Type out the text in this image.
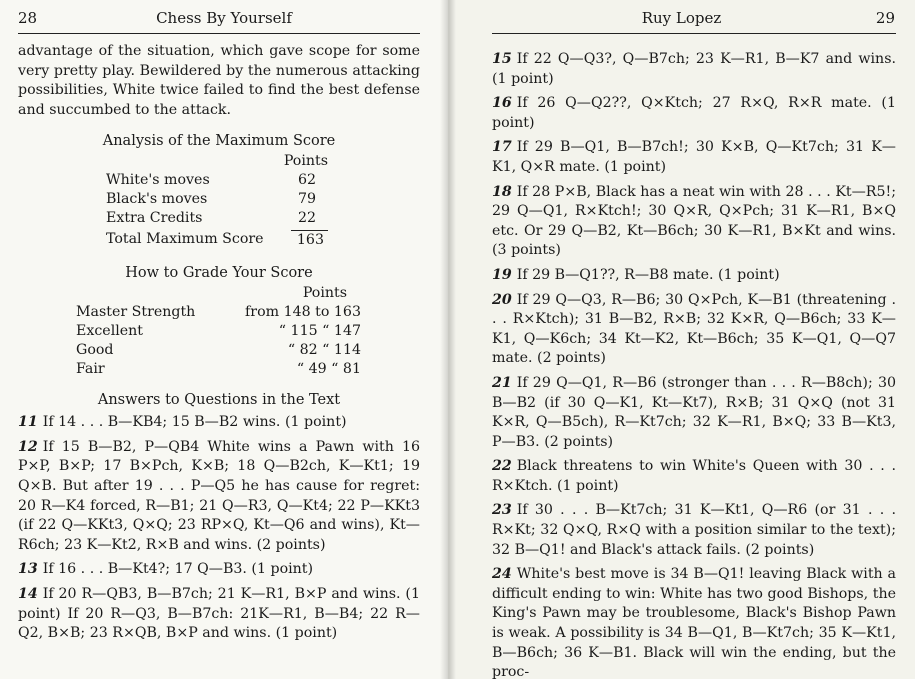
28	Chess By Yourself

advantage of the situation, which gave scope for some very pretty play. Bewildered by the numerous attacking possibilities, White twice failed to find the best defense and succumbed to the attack.

Analysis of the Maximum Score
	Points
White's moves	62
Black's moves	79
Extra Credits	22
Total Maximum Score	163
How to Grade Your Score
	Points
Master Strength	from 148 to 163
Excellent	“ 115 “ 147
Good	“ 82 “ 114
Fair	“ 49 “ 81
Answers to Questions in the Text

11 If 14 . . . B—KB4; 15 B—B2 wins. (1 point)

12 If 15 B—B2, P—QB4 White wins a Pawn with 16 P×P, B×P; 17 B×Pch, K×B; 18 Q—B2ch, K—Kt1; 19 Q×B. But after 19 . . . P—Q5 he has cause for regret: 20 R—K4 forced, R—B1; 21 Q—R3, Q—Kt4; 22 P—KKt3 (if 22 Q—KKt3, Q×Q; 23 RP×Q, Kt—Q6 and wins), Kt—R6ch; 23 K—Kt2, R×B and wins. (2 points)

13 If 16 . . . B—Kt4?; 17 Q—B3. (1 point)

14 If 20 R—QB3, B—B7ch; 21 K—R1, B×P and wins. (1 point) If 20 R—Q3, B—B7ch: 21K—R1, B—B4; 22 R—Q2, B×B; 23 R×QB, B×P and wins. (1 point)

Ruy Lopez	29

15 If 22 Q—Q3?, Q—B7ch; 23 K—R1, B—K7 and wins. (1 point)

16 If 26 Q—Q2??, Q×Ktch; 27 R×Q, R×R mate. (1 point)

17 If 29 B—Q1, B—B7ch!; 30 K×B, Q—Kt7ch; 31 K—K1, Q×R mate. (1 point)

18 If 28 P×B, Black has a neat win with 28 . . . Kt—R5!; 29 Q—Q1, R×Ktch!; 30 Q×R, Q×Pch; 31 K—R1, B×Q etc. Or 29 Q—B2, Kt—B6ch; 30 K—R1, B×Kt and wins. (3 points)

19 If 29 B—Q1??, R—B8 mate. (1 point)

20 If 29 Q—Q3, R—B6; 30 Q×Pch, K—B1 (threatening . . . R×Ktch); 31 B—B2, R×B; 32 K×R, Q—B6ch; 33 K—K1, Q—K6ch; 34 Kt—K2, Kt—B6ch; 35 K—Q1, Q—Q7 mate. (2 points)

21 If 29 Q—Q1, R—B6 (stronger than . . . R—B8ch); 30 B—B2 (if 30 Q—K1, Kt—Kt7), R×B; 31 Q×Q (not 31 K×R, Q—B5ch), R—Kt7ch; 32 K—R1, B×Q; 33 B—Kt3, P—B3. (2 points)

22 Black threatens to win White's Queen with 30 . . . R×Ktch. (1 point)

23 If 30 . . . B—Kt7ch; 31 K—Kt1, Q—R6 (or 31 . . . R×Kt; 32 Q×Q, R×Q with a position similar to the text); 32 B—Q1! and Black's attack fails. (2 points)

24 White's best move is 34 B—Q1! leaving Black with a difficult ending to win: White has two good Bishops, the King's Pawn may be troublesome, Black's Bishop Pawn is weak. A possibility is 34 B—Q1, B—Kt7ch; 35 K—Kt1, B—B6ch; 36 K—B1. Black will win the ending, but the proc-
